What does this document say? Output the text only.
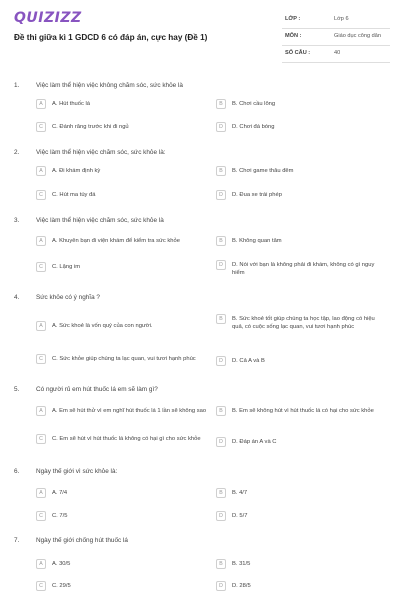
QUIZIZZ
Đề thi giữa kì 1 GDCD 6 có đáp án, cực hay (Đề 1)
LỚP :	Lớp 6
MÔN :	Giáo dục công dân
SỐ CÂU :	40
1.	Việc làm thể hiện việc không chăm sóc, sức khỏe là
A	A. Hút thuốc lá	B	B. Chơi cầu lông
C	C. Đánh răng trước khi đi ngủ	D	D. Chơi đá bóng
2.	Việc làm thể hiện việc chăm sóc, sức khỏe là:
A	A. Đi khám định kỳ	B	B. Chơi game thâu đêm
C	C. Hút ma túy đá	D	D. Đua xe trái phép
3.	Việc làm thể hiện việc chăm sóc, sức khỏe là
A	A. Khuyên bạn đi viện khám để kiểm tra sức khỏe	B	B. Không quan tâm
C	C. Lặng im	D	D. Nói với bạn là không phải đi khám, không có gì nguy hiểm
4.	Sức khỏe có ý nghĩa ?
A	A. Sức khoẻ là vốn quý của con người.
B	B. Sức khoẻ tốt giúp chúng ta học tập, lao động có hiệu quả, có cuộc sống lạc quan, vui tươi hạnh phúc
C	C. Sức khỏe giúp chúng ta lạc quan, vui tươi hạnh phúc	D	D. Cả A và B
5.	Có người rủ em hút thuốc lá em sẽ làm gì?
A	A. Em sẽ hút thử vì em nghĩ hút thuốc lá 1 lần sẽ không sao	B	B. Em sẽ không hút vì hút thuốc lá có hại cho sức khỏe
C	C. Em sẽ hút vì hút thuốc lá không có hại gì cho sức khỏe	D	D. Đáp án A và C
6.	Ngày thế giới vì sức khỏe là:
A	A. 7/4	B	B. 4/7
C	C. 7/5	D	D. 5/7
7.	Ngày thế giới chống hút thuốc lá
A	A. 30/5	B	B. 31/5
C	C. 29/5	D	D. 28/5
